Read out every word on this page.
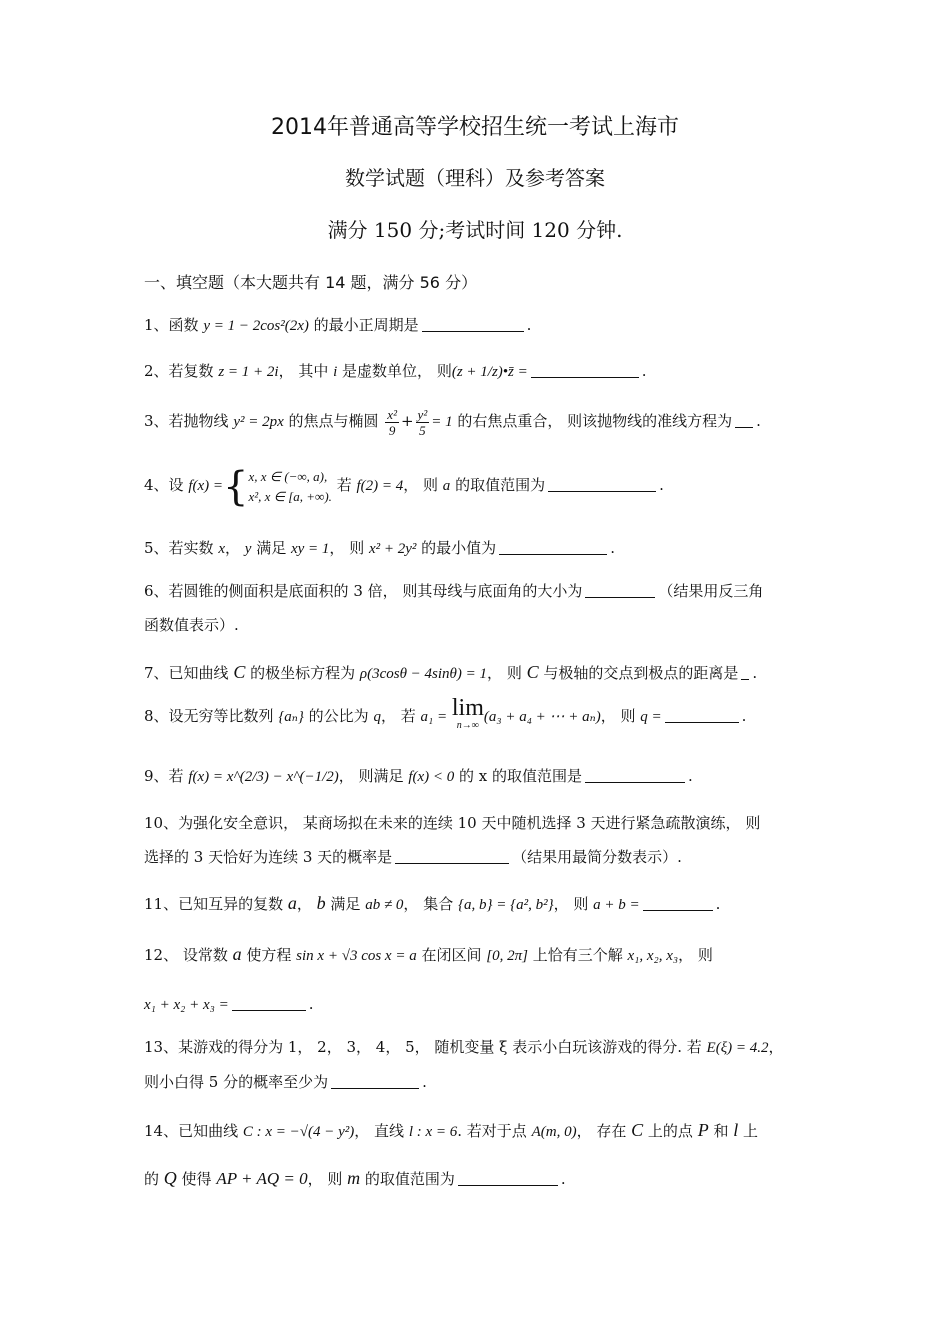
2014年普通高等学校招生统一考试上海市
数学试题（理科）及参考答案
满分 150 分;考试时间 120 分钟.
一、填空题（本大题共有 14 题，满分 56 分）
1、函数 y = 1 − 2cos²(2x) 的最小正周期是	.
2、若复数 z = 1 + 2i， 其中 i 是虚数单位， 则(z + 1/z)•z̄ =	.
3、若抛物线 y² = 2px 的焦点与椭圆 $\frac{\text{x²}}{9} + \frac{\text{y²}}{5} = 1$ 的右焦点重合， 则该抛物线的准线方程为 .
4、设 f(x) ={ x, x ∈ (−∞, a),
x², x ∈ [a, +∞).
若 f(2) = 4， 则 a 的取值范围为	.
5、若实数 x， y 满足 xy = 1， 则 x² + 2y² 的最小值为	.
6、若圆锥的侧面积是底面积的 3 倍， 则其母线与底面角的大小为	（结果用反三角
函数值表示）.
7、已知曲线 C 的极坐标方程为 ρ(3cosθ − 4sinθ) = 1， 则 C 与极轴的交点到极点的距离是 .
8、设无穷等比数列 {aₙ} 的公比为 q， 若 a₁ = lim
n→∞
(a₃ + a₄ + ⋯ + aₙ)， 则 q =	.
9、若 f(x) = x^(2/3) − x^(−1/2)， 则满足 f(x) < 0 的 x 的取值范围是	.
10、为强化安全意识， 某商场拟在未来的连续 10 天中随机选择 3 天进行紧急疏散演练， 则
选择的 3 天恰好为连续 3 天的概率是	（结果用最简分数表示）.
11、已知互异的复数 a， b 满足 ab ≠ 0， 集合 {a, b} = {a², b²}， 则 a + b =	.
12、 设常数 a 使方程 sin x + √3 cos x = a 在闭区间 [0, 2π] 上恰有三个解 x₁, x₂, x₃， 则
x₁ + x₂ + x₃ =	.
13、某游戏的得分为 1， 2， 3， 4， 5， 随机变量 ξ 表示小白玩该游戏的得分. 若 E(ξ) = 4.2，
则小白得 5 分的概率至少为	.
14、已知曲线 C : x = −√(4 − y²)， 直线 l : x = 6. 若对于点 A(m, 0)， 存在 C 上的点 P 和 l 上
的 Q 使得 AP + AQ = 0， 则 m 的取值范围为	.
